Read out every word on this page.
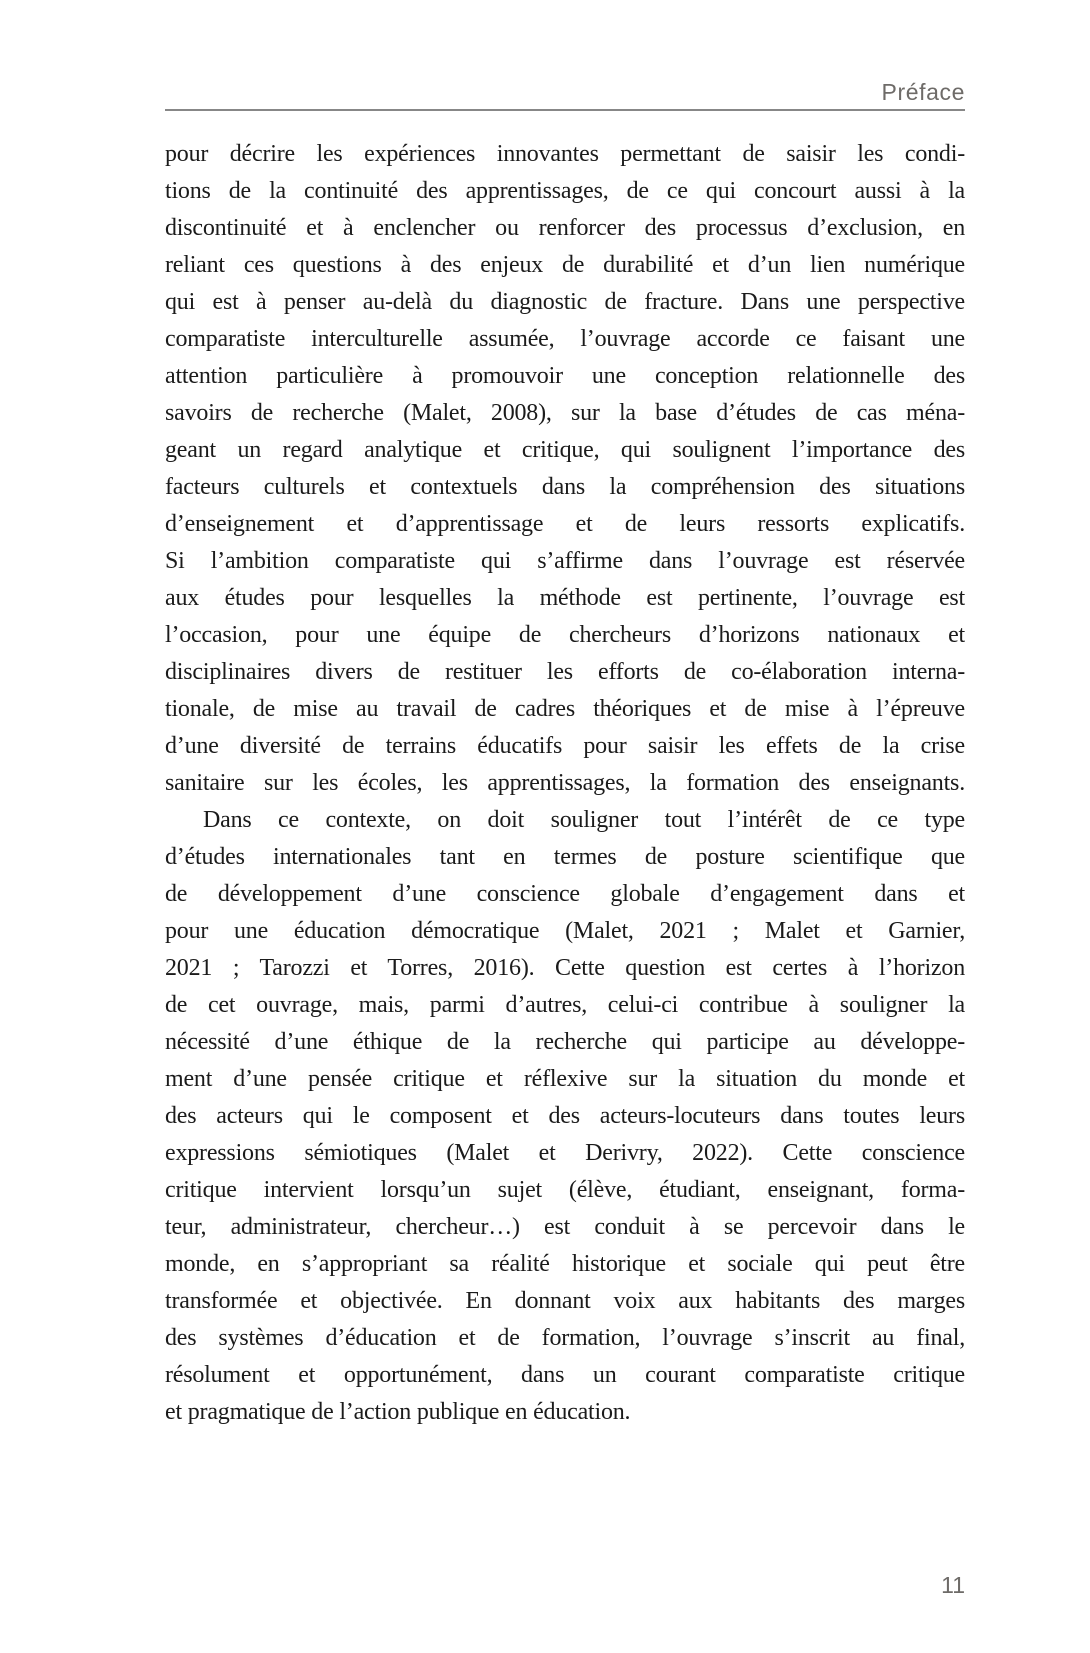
Préface
pour décrire les expériences innovantes permettant de saisir les condi-
tions de la continuité des apprentissages, de ce qui concourt aussi à la
discontinuité et à enclencher ou renforcer des processus d’exclusion, en
reliant ces questions à des enjeux de durabilité et d’un lien numérique
qui est à penser au-delà du diagnostic de fracture. Dans une perspective
comparatiste interculturelle assumée, l’ouvrage accorde ce faisant une
attention particulière à promouvoir une conception relationnelle des
savoirs de recherche (Malet, 2008), sur la base d’études de cas ména-
geant un regard analytique et critique, qui soulignent l’importance des
facteurs culturels et contextuels dans la compréhension des situations
d’enseignement et d’apprentissage et de leurs ressorts explicatifs.
Si l’ambition comparatiste qui s’affirme dans l’ouvrage est réservée
aux études pour lesquelles la méthode est pertinente, l’ouvrage est
l’occasion, pour une équipe de chercheurs d’horizons nationaux et
disciplinaires divers de restituer les efforts de co-élaboration interna-
tionale, de mise au travail de cadres théoriques et de mise à l’épreuve
d’une diversité de terrains éducatifs pour saisir les effets de la crise
sanitaire sur les écoles, les apprentissages, la formation des enseignants.
Dans ce contexte, on doit souligner tout l’intérêt de ce type
d’études internationales tant en termes de posture scientifique que
de développement d’une conscience globale d’engagement dans et
pour une éducation démocratique (Malet, 2021 ; Malet et Garnier,
2021 ; Tarozzi et Torres, 2016). Cette question est certes à l’horizon
de cet ouvrage, mais, parmi d’autres, celui-ci contribue à souligner la
nécessité d’une éthique de la recherche qui participe au développe-
ment d’une pensée critique et réflexive sur la situation du monde et
des acteurs qui le composent et des acteurs-locuteurs dans toutes leurs
expressions sémiotiques (Malet et Derivry, 2022). Cette conscience
critique intervient lorsqu’un sujet (élève, étudiant, enseignant, forma-
teur, administrateur, chercheur…) est conduit à se percevoir dans le
monde, en s’appropriant sa réalité historique et sociale qui peut être
transformée et objectivée. En donnant voix aux habitants des marges
des systèmes d’éducation et de formation, l’ouvrage s’inscrit au final,
résolument et opportunément, dans un courant comparatiste critique
et pragmatique de l’action publique en éducation.
11
